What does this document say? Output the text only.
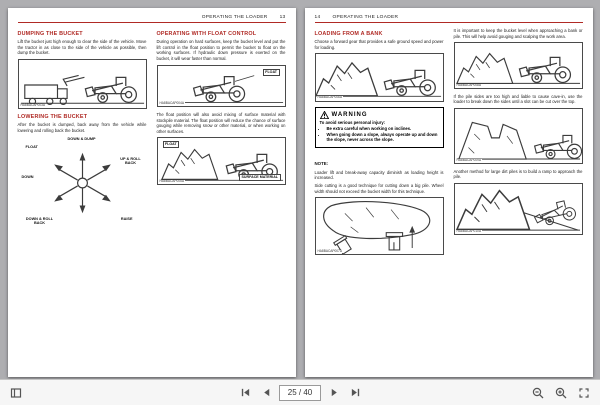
OPERATING THE LOADER	13
DUMPING THE BUCKET

Lift the bucket just high enough to clear the side of the vehicle. Move the tractor in as close to the side of the vehicle as possible, then dump the bucket.

HA8BACAP003A
LOWERING THE BUCKET

After the bucket is dumped, back away from the vehicle while lowering and rolling back the bucket.

FLOAT
DOWN & DUMP
DOWN
UP & ROLL BACK
DOWN & ROLL BACK
RAISE
OPERATING WITH FLOAT CONTROL

During operation on hard surfaces, keep the bucket level and put the lift control in the float position to permit the bucket to float on the working surfaces. If hydraulic down pressure is exerted on the bucket, it will wear faster than normal.

FLOAT
HA8BACAP004A

The float position will also avoid mixing of surface material with stockpile material. The float position will reduce the chance of surface gouging while removing snow or other material, or when working on other surfaces.

FLOAT
SURFACE MATERIAL
HA8BACAP005A
14	OPERATING THE LOADER
LOADING FROM A BANK

Choose a forward gear that provides a safe ground speed and power for loading.

HA8BACAP006A
WARNING
To avoid serious personal injury:
• Be extra careful when working on inclines.
• When going down a slope, always operate up and down the slope, never across the slope.
NOTE:
Loader lift and break-away capacity diminish as loading height is increased.

Side cutting is a good technique for cutting down a big pile. Wheel width should not exceed the bucket width for this technique.

HA8BACAP007A

It is important to keep the bucket level when approaching a bank or pile. This will help avoid gouging and scalping the work area.

HA8BACAP008A

If the pile sides are too high and liable to cause cave-in, use the loader to break down the sides until a slot can be cut over the top.

HA8BACAP009A

Another method for large dirt piles is to build a ramp to approach the pile.

HA8BACAP010A
25 / 40
